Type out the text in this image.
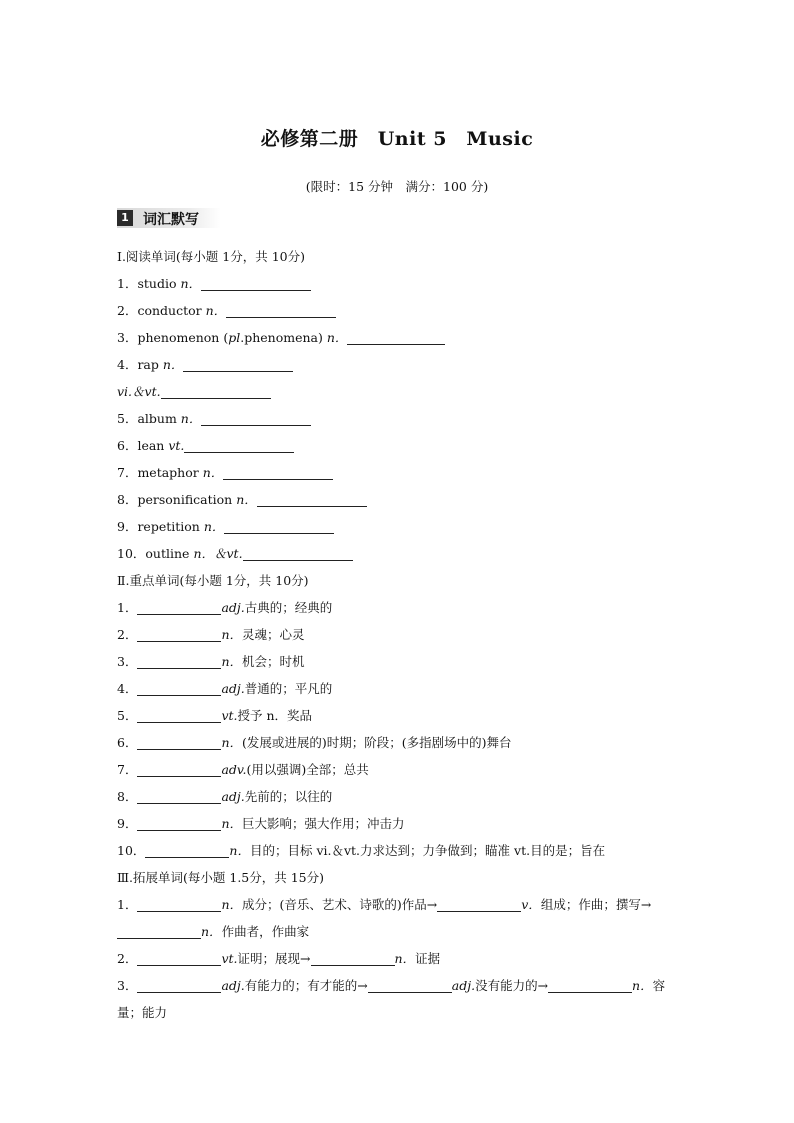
必修第二册　Unit 5　Music
(限时：15 分钟　满分：100 分)
1 词汇默写
Ⅰ.阅读单词(每小题 1分，共 10分)
1．studio n．
2．conductor n．
3．phenomenon (pl.phenomena) n．
4．rap n．
vi.＆vt.
5．album n．
6．lean vt.
7．metaphor n．
8．personification n．
9．repetition n．
10．outline n．＆vt.
Ⅱ.重点单词(每小题 1分，共 10分)
1．	adj.古典的；经典的
2．	n．灵魂；心灵
3．	n．机会；时机
4．	adj.普通的；平凡的
5．	vt.授予 n．奖品
6．	n．(发展或进展的)时期；阶段；(多指剧场中的)舞台
7．	adv.(用以强调)全部；总共
8．	adj.先前的；以往的
9．	n．巨大影响；强大作用；冲击力
10．	n．目的；目标 vi.＆vt.力求达到；力争做到；瞄准 vt.目的是；旨在
Ⅲ.拓展单词(每小题 1.5分，共 15分)
1．	n．成分；(音乐、艺术、诗歌的)作品→	v．组成；作曲；撰写→n．作曲者，作曲家
2．	vt.证明；展现→	n．证据
3．	adj.有能力的；有才能的→	adj.没有能力的→	n．容量；能力
